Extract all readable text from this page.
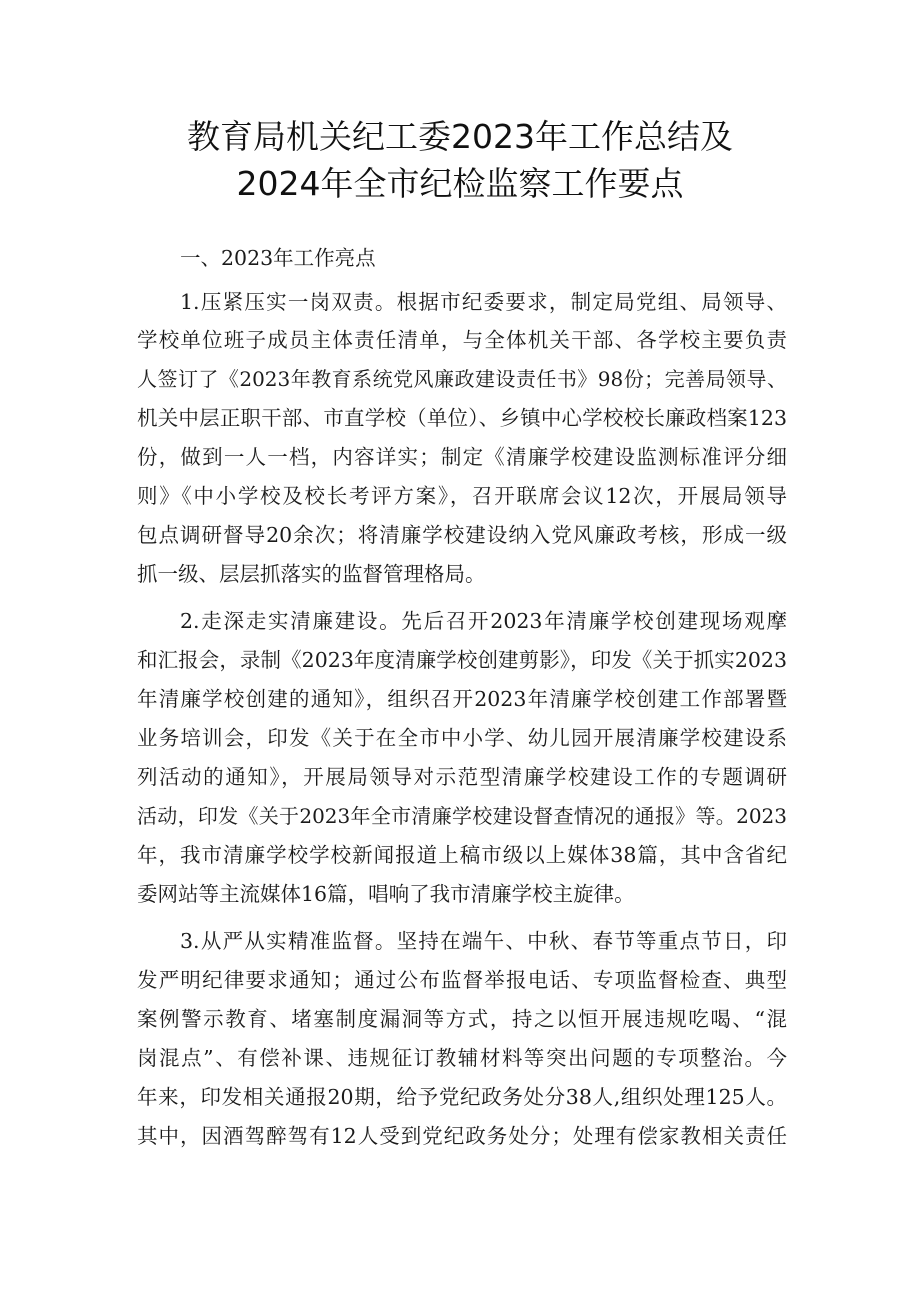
教育局机关纪工委2023年工作总结及
2024年全市纪检监察工作要点
一、2023年工作亮点
1.压紧压实一岗双责。根据市纪委要求，制定局党组、局领导、
学校单位班子成员主体责任清单，与全体机关干部、各学校主要负责
人签订了《2023年教育系统党风廉政建设责任书》98份；完善局领导、
机关中层正职干部、市直学校（单位）、乡镇中心学校校长廉政档案123
份，做到一人一档，内容详实；制定《清廉学校建设监测标准评分细
则》《中小学校及校长考评方案》，召开联席会议12次，开展局领导
包点调研督导20余次；将清廉学校建设纳入党风廉政考核，形成一级
抓一级、层层抓落实的监督管理格局。
2.走深走实清廉建设。先后召开2023年清廉学校创建现场观摩
和汇报会，录制《2023年度清廉学校创建剪影》，印发《关于抓实2023
年清廉学校创建的通知》，组织召开2023年清廉学校创建工作部署暨
业务培训会，印发《关于在全市中小学、幼儿园开展清廉学校建设系
列活动的通知》，开展局领导对示范型清廉学校建设工作的专题调研
活动，印发《关于2023年全市清廉学校建设督查情况的通报》等。2023
年，我市清廉学校学校新闻报道上稿市级以上媒体38篇，其中含省纪
委网站等主流媒体16篇，唱响了我市清廉学校主旋律。
3.从严从实精准监督。坚持在端午、中秋、春节等重点节日，印
发严明纪律要求通知；通过公布监督举报电话、专项监督检查、典型
案例警示教育、堵塞制度漏洞等方式，持之以恒开展违规吃喝、“混
岗混点”、有偿补课、违规征订教辅材料等突出问题的专项整治。今
年来，印发相关通报20期，给予党纪政务处分38人,组织处理125人。
其中，因酒驾醉驾有12人受到党纪政务处分；处理有偿家教相关责任
